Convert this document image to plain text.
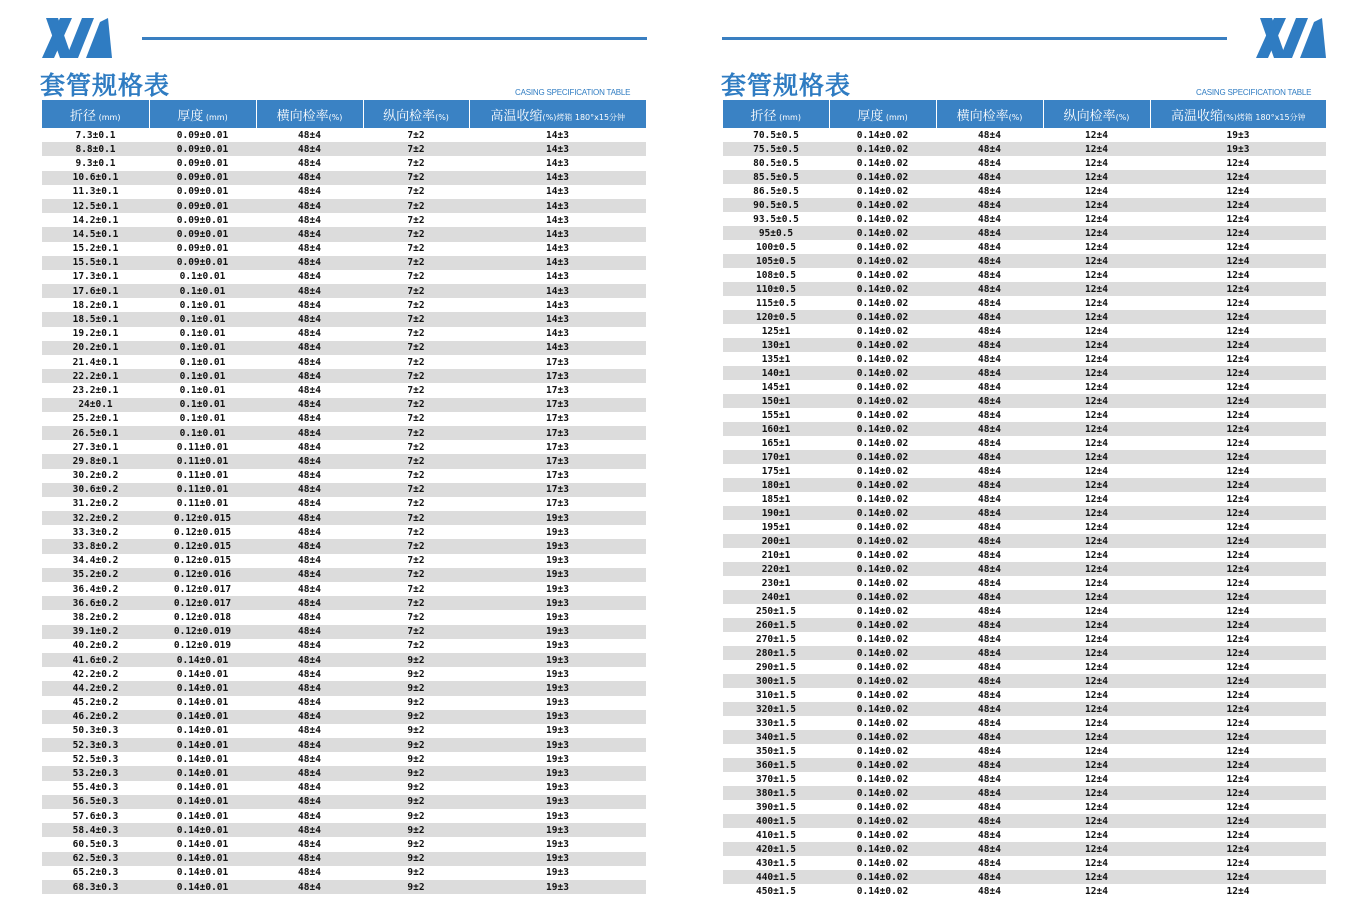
套管规格表	CASING SPECIFICATION TABLE
折径 (mm)	厚度 (mm)	横向检率(%)	纵向检率(%)	高温收缩(%)烤箱 180°x15分钟
7.3±0.1	0.09±0.01	48±4	7±2	14±3
8.8±0.1	0.09±0.01	48±4	7±2	14±3
9.3±0.1	0.09±0.01	48±4	7±2	14±3
10.6±0.1	0.09±0.01	48±4	7±2	14±3
11.3±0.1	0.09±0.01	48±4	7±2	14±3
12.5±0.1	0.09±0.01	48±4	7±2	14±3
14.2±0.1	0.09±0.01	48±4	7±2	14±3
14.5±0.1	0.09±0.01	48±4	7±2	14±3
15.2±0.1	0.09±0.01	48±4	7±2	14±3
15.5±0.1	0.09±0.01	48±4	7±2	14±3
17.3±0.1	0.1±0.01	48±4	7±2	14±3
17.6±0.1	0.1±0.01	48±4	7±2	14±3
18.2±0.1	0.1±0.01	48±4	7±2	14±3
18.5±0.1	0.1±0.01	48±4	7±2	14±3
19.2±0.1	0.1±0.01	48±4	7±2	14±3
20.2±0.1	0.1±0.01	48±4	7±2	14±3
21.4±0.1	0.1±0.01	48±4	7±2	17±3
22.2±0.1	0.1±0.01	48±4	7±2	17±3
23.2±0.1	0.1±0.01	48±4	7±2	17±3
24±0.1	0.1±0.01	48±4	7±2	17±3
25.2±0.1	0.1±0.01	48±4	7±2	17±3
26.5±0.1	0.1±0.01	48±4	7±2	17±3
27.3±0.1	0.11±0.01	48±4	7±2	17±3
29.8±0.1	0.11±0.01	48±4	7±2	17±3
30.2±0.2	0.11±0.01	48±4	7±2	17±3
30.6±0.2	0.11±0.01	48±4	7±2	17±3
31.2±0.2	0.11±0.01	48±4	7±2	17±3
32.2±0.2	0.12±0.015	48±4	7±2	19±3
33.3±0.2	0.12±0.015	48±4	7±2	19±3
33.8±0.2	0.12±0.015	48±4	7±2	19±3
34.4±0.2	0.12±0.015	48±4	7±2	19±3
35.2±0.2	0.12±0.016	48±4	7±2	19±3
36.4±0.2	0.12±0.017	48±4	7±2	19±3
36.6±0.2	0.12±0.017	48±4	7±2	19±3
38.2±0.2	0.12±0.018	48±4	7±2	19±3
39.1±0.2	0.12±0.019	48±4	7±2	19±3
40.2±0.2	0.12±0.019	48±4	7±2	19±3
41.6±0.2	0.14±0.01	48±4	9±2	19±3
42.2±0.2	0.14±0.01	48±4	9±2	19±3
44.2±0.2	0.14±0.01	48±4	9±2	19±3
45.2±0.2	0.14±0.01	48±4	9±2	19±3
46.2±0.2	0.14±0.01	48±4	9±2	19±3
50.3±0.3	0.14±0.01	48±4	9±2	19±3
52.3±0.3	0.14±0.01	48±4	9±2	19±3
52.5±0.3	0.14±0.01	48±4	9±2	19±3
53.2±0.3	0.14±0.01	48±4	9±2	19±3
55.4±0.3	0.14±0.01	48±4	9±2	19±3
56.5±0.3	0.14±0.01	48±4	9±2	19±3
57.6±0.3	0.14±0.01	48±4	9±2	19±3
58.4±0.3	0.14±0.01	48±4	9±2	19±3
60.5±0.3	0.14±0.01	48±4	9±2	19±3
62.5±0.3	0.14±0.01	48±4	9±2	19±3
65.2±0.3	0.14±0.01	48±4	9±2	19±3
68.3±0.3	0.14±0.01	48±4	9±2	19±3
套管规格表	CASING SPECIFICATION TABLE
折径 (mm)	厚度 (mm)	横向检率(%)	纵向检率(%)	高温收缩(%)烤箱 180°x15分钟
70.5±0.5	0.14±0.02	48±4	12±4	19±3
75.5±0.5	0.14±0.02	48±4	12±4	19±3
80.5±0.5	0.14±0.02	48±4	12±4	12±4
85.5±0.5	0.14±0.02	48±4	12±4	12±4
86.5±0.5	0.14±0.02	48±4	12±4	12±4
90.5±0.5	0.14±0.02	48±4	12±4	12±4
93.5±0.5	0.14±0.02	48±4	12±4	12±4
95±0.5	0.14±0.02	48±4	12±4	12±4
100±0.5	0.14±0.02	48±4	12±4	12±4
105±0.5	0.14±0.02	48±4	12±4	12±4
108±0.5	0.14±0.02	48±4	12±4	12±4
110±0.5	0.14±0.02	48±4	12±4	12±4
115±0.5	0.14±0.02	48±4	12±4	12±4
120±0.5	0.14±0.02	48±4	12±4	12±4
125±1	0.14±0.02	48±4	12±4	12±4
130±1	0.14±0.02	48±4	12±4	12±4
135±1	0.14±0.02	48±4	12±4	12±4
140±1	0.14±0.02	48±4	12±4	12±4
145±1	0.14±0.02	48±4	12±4	12±4
150±1	0.14±0.02	48±4	12±4	12±4
155±1	0.14±0.02	48±4	12±4	12±4
160±1	0.14±0.02	48±4	12±4	12±4
165±1	0.14±0.02	48±4	12±4	12±4
170±1	0.14±0.02	48±4	12±4	12±4
175±1	0.14±0.02	48±4	12±4	12±4
180±1	0.14±0.02	48±4	12±4	12±4
185±1	0.14±0.02	48±4	12±4	12±4
190±1	0.14±0.02	48±4	12±4	12±4
195±1	0.14±0.02	48±4	12±4	12±4
200±1	0.14±0.02	48±4	12±4	12±4
210±1	0.14±0.02	48±4	12±4	12±4
220±1	0.14±0.02	48±4	12±4	12±4
230±1	0.14±0.02	48±4	12±4	12±4
240±1	0.14±0.02	48±4	12±4	12±4
250±1.5	0.14±0.02	48±4	12±4	12±4
260±1.5	0.14±0.02	48±4	12±4	12±4
270±1.5	0.14±0.02	48±4	12±4	12±4
280±1.5	0.14±0.02	48±4	12±4	12±4
290±1.5	0.14±0.02	48±4	12±4	12±4
300±1.5	0.14±0.02	48±4	12±4	12±4
310±1.5	0.14±0.02	48±4	12±4	12±4
320±1.5	0.14±0.02	48±4	12±4	12±4
330±1.5	0.14±0.02	48±4	12±4	12±4
340±1.5	0.14±0.02	48±4	12±4	12±4
350±1.5	0.14±0.02	48±4	12±4	12±4
360±1.5	0.14±0.02	48±4	12±4	12±4
370±1.5	0.14±0.02	48±4	12±4	12±4
380±1.5	0.14±0.02	48±4	12±4	12±4
390±1.5	0.14±0.02	48±4	12±4	12±4
400±1.5	0.14±0.02	48±4	12±4	12±4
410±1.5	0.14±0.02	48±4	12±4	12±4
420±1.5	0.14±0.02	48±4	12±4	12±4
430±1.5	0.14±0.02	48±4	12±4	12±4
440±1.5	0.14±0.02	48±4	12±4	12±4
450±1.5	0.14±0.02	48±4	12±4	12±4
